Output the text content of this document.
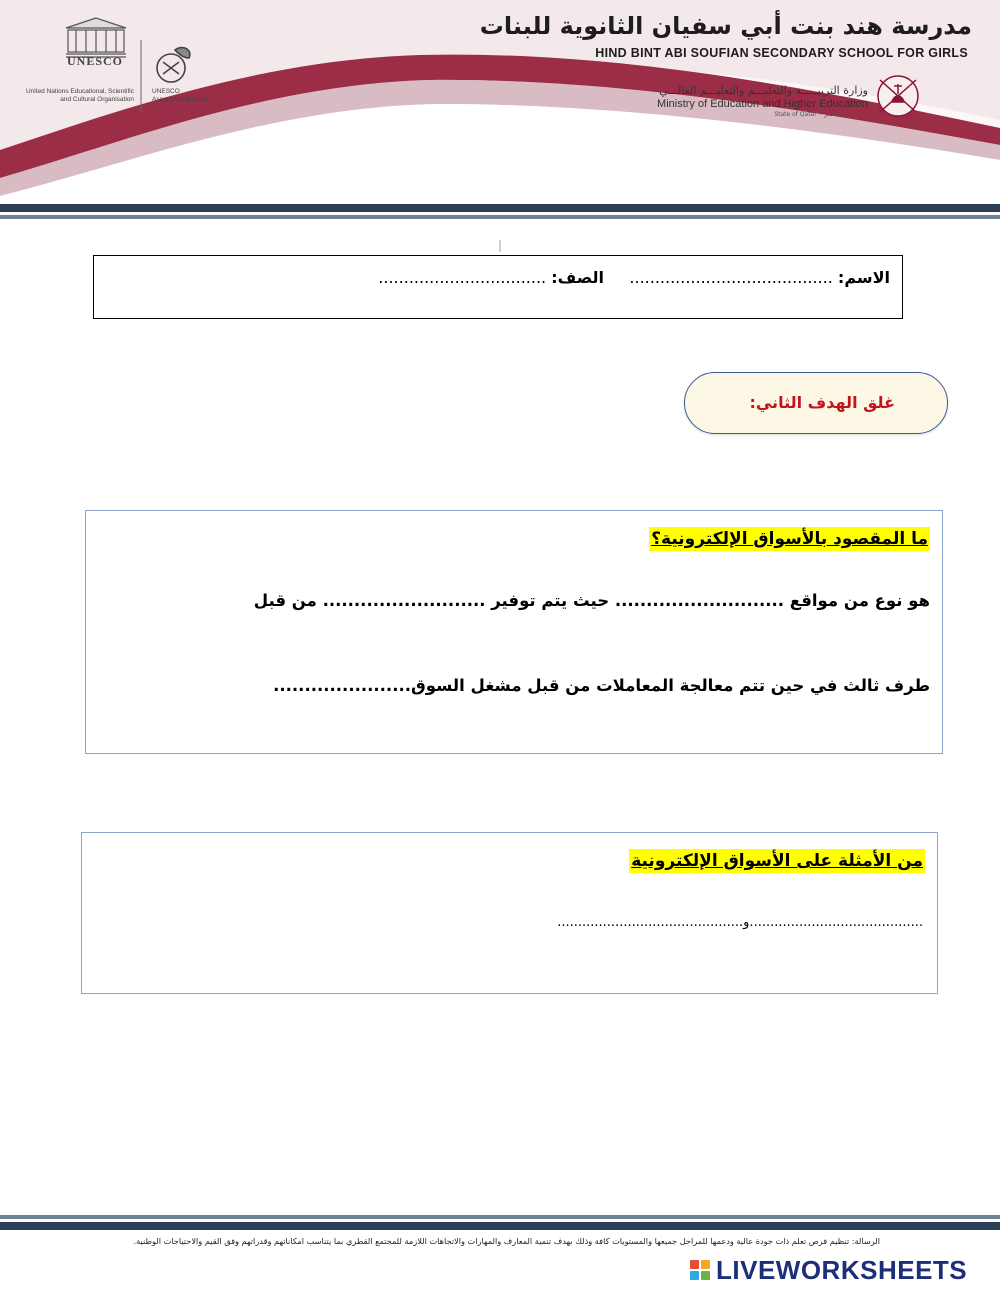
مدرسة هند بنت أبي سفيان الثانوية للبنات
HIND BINT ABI SOUFIAN SECONDARY SCHOOL FOR GIRLS
وزارة التربيـــــة والتعليـــم والتعليـــم العالـــي
Ministry of Education and Higher Education
State of Qatar • دولــــة قطـــر
UNESCO
United Nations Educational, Scientific and Cultural Organisation
UNESCO Associated Schools
الاسم: ........................................     الصف: .................................
غلق الهدف الثاني:
ما المقصود بالأسواق الإلكترونية؟
هو نوع من مواقع ........................... حيث يتم توفير .......................... من قبل
طرف ثالث في حين تتم معالجة المعاملات من قبل مشغل السوق......................
من الأمثلة على الأسواق الإلكترونية
..........................................و.............................................
الرسالة: تنظيم فرص تعلم ذات جودة عالية ودعمها للمراحل جميعها والمستويات كافة وذلك بهدف تنمية المعارف والمهارات والاتجاهات اللازمة للمجتمع القطري بما يتناسب امكاناتهم وقدراتهم وفق القيم والاحتياجات الوطنية.
LIVEWORKSHEETS
